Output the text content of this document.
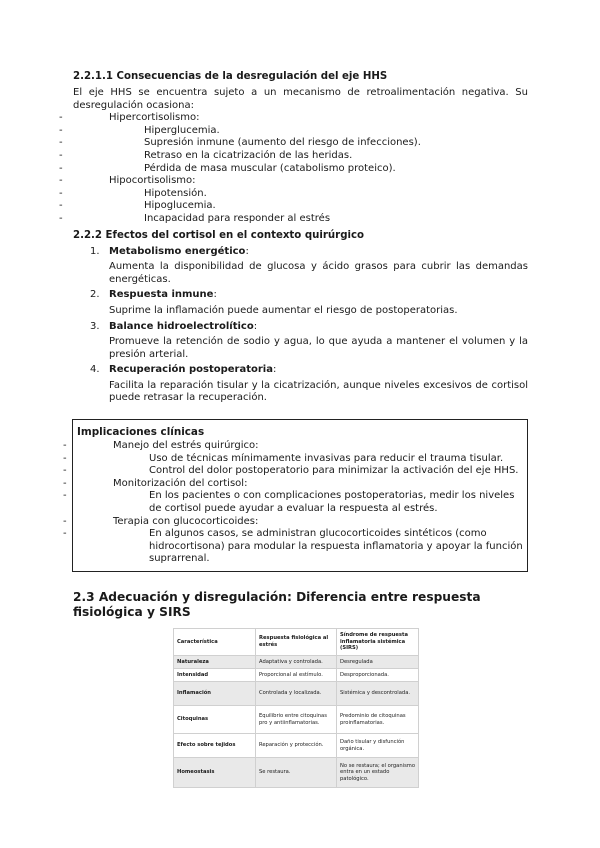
2.2.1.1 Consecuencias de la desregulación del eje HHS

El eje HHS se encuentra sujeto a un mecanismo de retroalimentación negativa. Su desregulación ocasiona:

- Hipercortisolismo:
- Hiperglucemia.
- Supresión inmune (aumento del riesgo de infecciones).
- Retraso en la cicatrización de las heridas.
- Pérdida de masa muscular (catabolismo proteico).
- Hipocortisolismo:
- Hipotensión.
- Hipoglucemia.
- Incapacidad para responder al estrés
2.2.2 Efectos del cortisol en el contexto quirúrgico
1. Metabolismo energético:

Aumenta la disponibilidad de glucosa y ácido grasos para cubrir las demandas energéticas.

2. Respuesta inmune:

Suprime la inflamación puede aumentar el riesgo de postoperatorias.

3. Balance hidroelectrolítico:

Promueve la retención de sodio y agua, lo que ayuda a mantener el volumen y la presión arterial.

4. Recuperación postoperatoria:

Facilita la reparación tisular y la cicatrización, aunque niveles excesivos de cortisol puede retrasar la recuperación.

Implicaciones clínicas
- Manejo del estrés quirúrgico:
- Uso de técnicas mínimamente invasivas para reducir el trauma tisular.
- Control del dolor postoperatorio para minimizar la activación del eje HHS.
- Monitorización del cortisol:
- En los pacientes o con complicaciones postoperatorias, medir los niveles de cortisol puede ayudar a evaluar la respuesta al estrés.
- Terapia con glucocorticoides:
- En algunos casos, se administran glucocorticoides sintéticos (como hidrocortisona) para modular la respuesta inflamatoria y apoyar la función suprarrenal.
2.3 Adecuación y disregulación: Diferencia entre respuesta fisiológica y SIRS
Característica	Respuesta fisiológica al estrés	Síndrome de respuesta inflamatoria sistémica (SIRS)
Naturaleza	Adaptativa y controlada.	Desregulada
Intensidad	Proporcional al estímulo.	Desproporcionada.
Inflamación	Controlada y localizada.	Sistémica y descontrolada.
Citoquinas	Equilibrio entre citoquinas pro y antiinflamatorias.	Predominio de citoquinas proinflamatorias.
Efecto sobre tejidos	Reparación y protección.	Daño tisular y disfunción orgánica.
Homeostasis	Se restaura.	No se restaura; el organismo entra en un estado patológico.
